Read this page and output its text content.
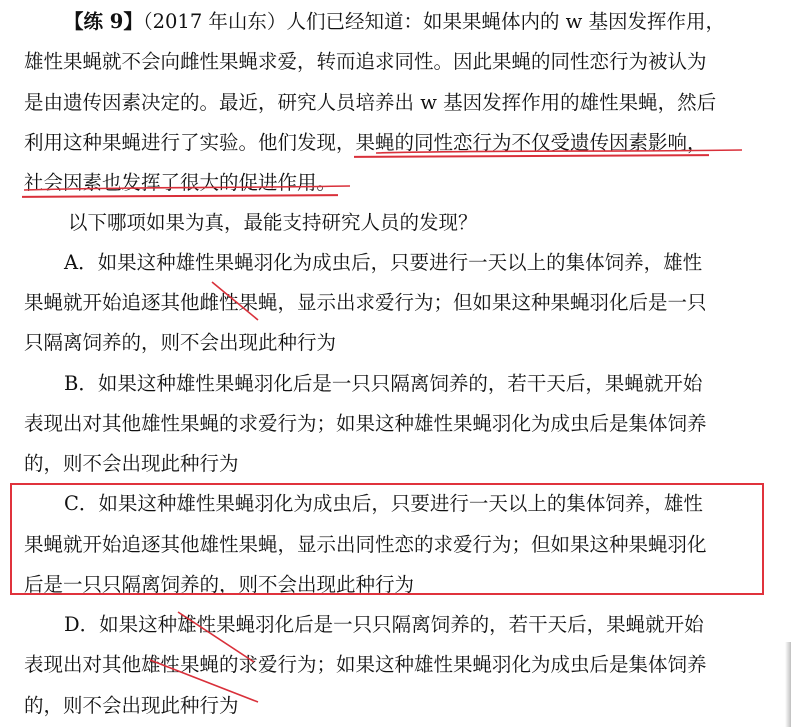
【练 9】（2017 年山东）人们已经知道：如果果蝇体内的 w 基因发挥作用，
雄性果蝇就不会向雌性果蝇求爱，转而追求同性。因此果蝇的同性恋行为被认为
是由遗传因素决定的。最近，研究人员培养出 w 基因发挥作用的雄性果蝇，然后
利用这种果蝇进行了实验。他们发现，果蝇的同性恋行为不仅受遗传因素影响，
社会因素也发挥了很大的促进作用。
以下哪项如果为真，最能支持研究人员的发现？
A．如果这种雄性果蝇羽化为成虫后，只要进行一天以上的集体饲养，雄性
果蝇就开始追逐其他雌性果蝇，显示出求爱行为；但如果这种果蝇羽化后是一只
只隔离饲养的，则不会出现此种行为
B．如果这种雄性果蝇羽化后是一只只隔离饲养的，若干天后，果蝇就开始
表现出对其他雄性果蝇的求爱行为；如果这种雄性果蝇羽化为成虫后是集体饲养
的，则不会出现此种行为
C．如果这种雄性果蝇羽化为成虫后，只要进行一天以上的集体饲养，雄性
果蝇就开始追逐其他雄性果蝇，显示出同性恋的求爱行为；但如果这种果蝇羽化
后是一只只隔离饲养的，则不会出现此种行为
D．如果这种雄性果蝇羽化后是一只只隔离饲养的，若干天后，果蝇就开始
表现出对其他雄性果蝇的求爱行为；如果这种雄性果蝇羽化为成虫后是集体饲养
的，则不会出现此种行为
